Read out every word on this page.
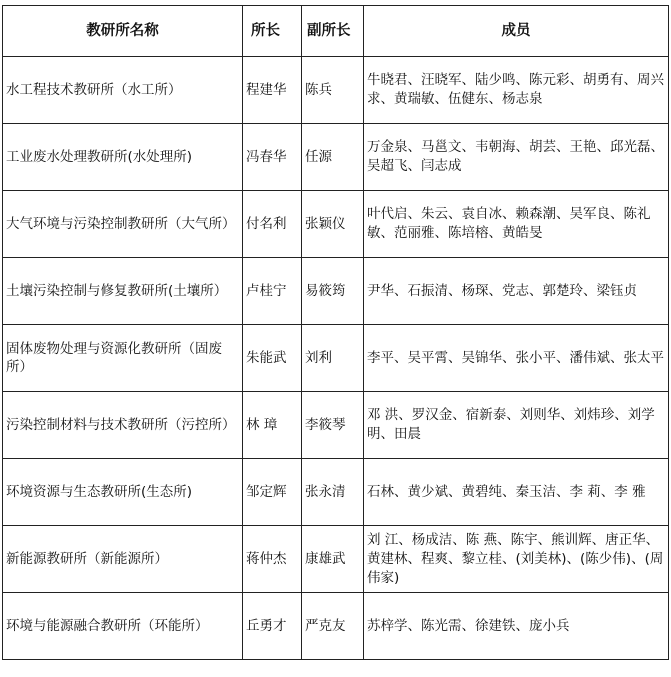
教研所名称	所长	副所长	成员
水工程技术教研所（水工所）	程建华	陈兵	牛晓君、汪晓军、陆少鸣、陈元彩、胡勇有、周兴求、黄瑞敏、伍健东、杨志泉
工业废水处理教研所(水处理所)	冯春华	任源	万金泉、马邕文、韦朝海、胡芸、王艳、邱光磊、吴超飞、闫志成
大气环境与污染控制教研所（大气所）	付名利	张颖仪	叶代启、朱云、袁自冰、赖森潮、吴军良、陈礼敏、范丽雅、陈培榕、黄皓旻
土壤污染控制与修复教研所(土壤所）	卢桂宁	易筱筠	尹华、石振清、杨琛、党志、郭楚玲、梁钰贞
固体废物处理与资源化教研所（固废所）	朱能武	刘利	李平、吴平霄、吴锦华、张小平、潘伟斌、张太平
污染控制材料与技术教研所（污控所）	林 璋	李筱琴	邓 洪、罗汉金、宿新泰、刘则华、刘炜珍、刘学明、田晨
环境资源与生态教研所(生态所)	邹定辉	张永清	石林、黄少斌、黄碧纯、秦玉洁、李 莉、李 雅
新能源教研所（新能源所）	蒋仲杰	康雄武	刘 江、杨成洁、陈 燕、陈宇、熊训辉、唐正华、黄建林、程爽、黎立桂、(刘美林)、(陈少伟)、(周伟家)
环境与能源融合教研所（环能所）	丘勇才	严克友	苏梓学、陈光需、徐建铁、庞小兵
